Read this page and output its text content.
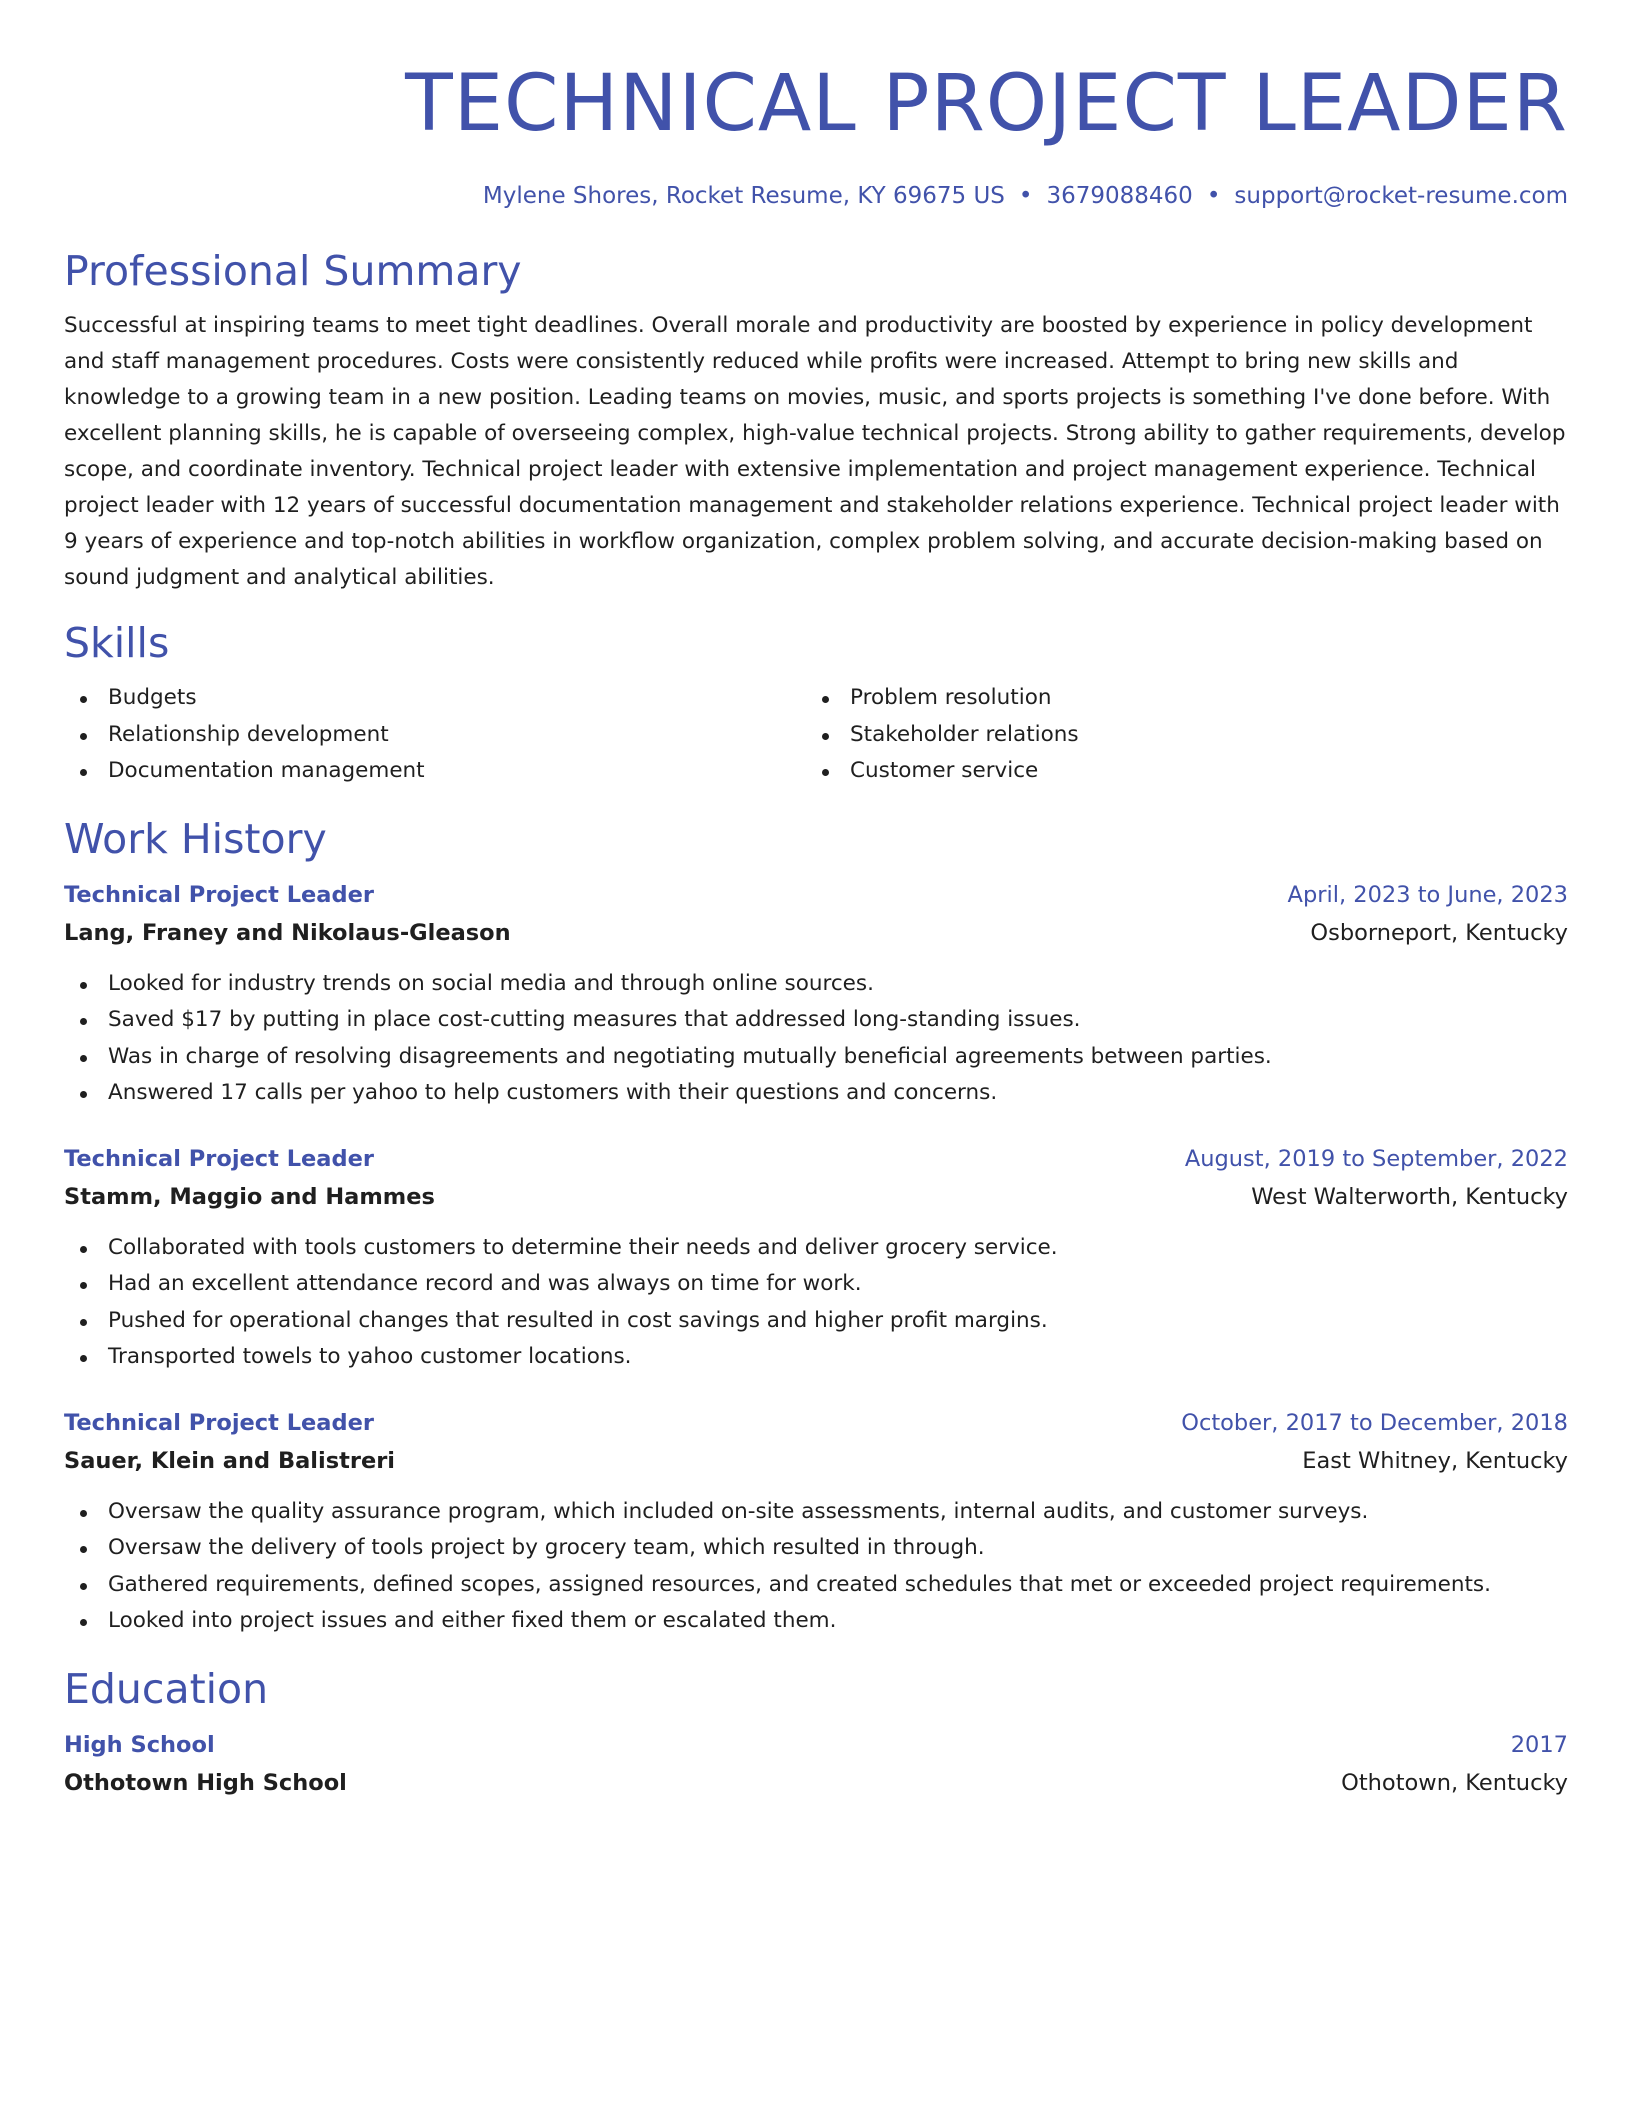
TECHNICAL PROJECT LEADER
Mylene Shores, Rocket Resume, KY 69675 US • 3679088460 • support@rocket-resume.com
Professional Summary
Successful at inspiring teams to meet tight deadlines. Overall morale and productivity are boosted by experience in policy development and staff management procedures. Costs were consistently reduced while profits were increased. Attempt to bring new skills and knowledge to a growing team in a new position. Leading teams on movies, music, and sports projects is something I've done before. With excellent planning skills, he is capable of overseeing complex, high-value technical projects. Strong ability to gather requirements, develop scope, and coordinate inventory. Technical project leader with extensive implementation and project management experience. Technical project leader with 12 years of successful documentation management and stakeholder relations experience. Technical project leader with 9 years of experience and top-notch abilities in workflow organization, complex problem solving, and accurate decision-making based on sound judgment and analytical abilities.
Skills
Budgets
Relationship development
Documentation management
Problem resolution
Stakeholder relations
Customer service
Work History
Technical Project Leader	April, 2023 to June, 2023
Lang, Franey and Nikolaus-Gleason	Osborneport, Kentucky
Looked for industry trends on social media and through online sources.
Saved $17 by putting in place cost-cutting measures that addressed long-standing issues.
Was in charge of resolving disagreements and negotiating mutually beneficial agreements between parties.
Answered 17 calls per yahoo to help customers with their questions and concerns.
Technical Project Leader	August, 2019 to September, 2022
Stamm, Maggio and Hammes	West Walterworth, Kentucky
Collaborated with tools customers to determine their needs and deliver grocery service.
Had an excellent attendance record and was always on time for work.
Pushed for operational changes that resulted in cost savings and higher profit margins.
Transported towels to yahoo customer locations.
Technical Project Leader	October, 2017 to December, 2018
Sauer, Klein and Balistreri	East Whitney, Kentucky
Oversaw the quality assurance program, which included on-site assessments, internal audits, and customer surveys.
Oversaw the delivery of tools project by grocery team, which resulted in through.
Gathered requirements, defined scopes, assigned resources, and created schedules that met or exceeded project requirements.
Looked into project issues and either fixed them or escalated them.
Education
High School	2017
Othotown High School	Othotown, Kentucky
